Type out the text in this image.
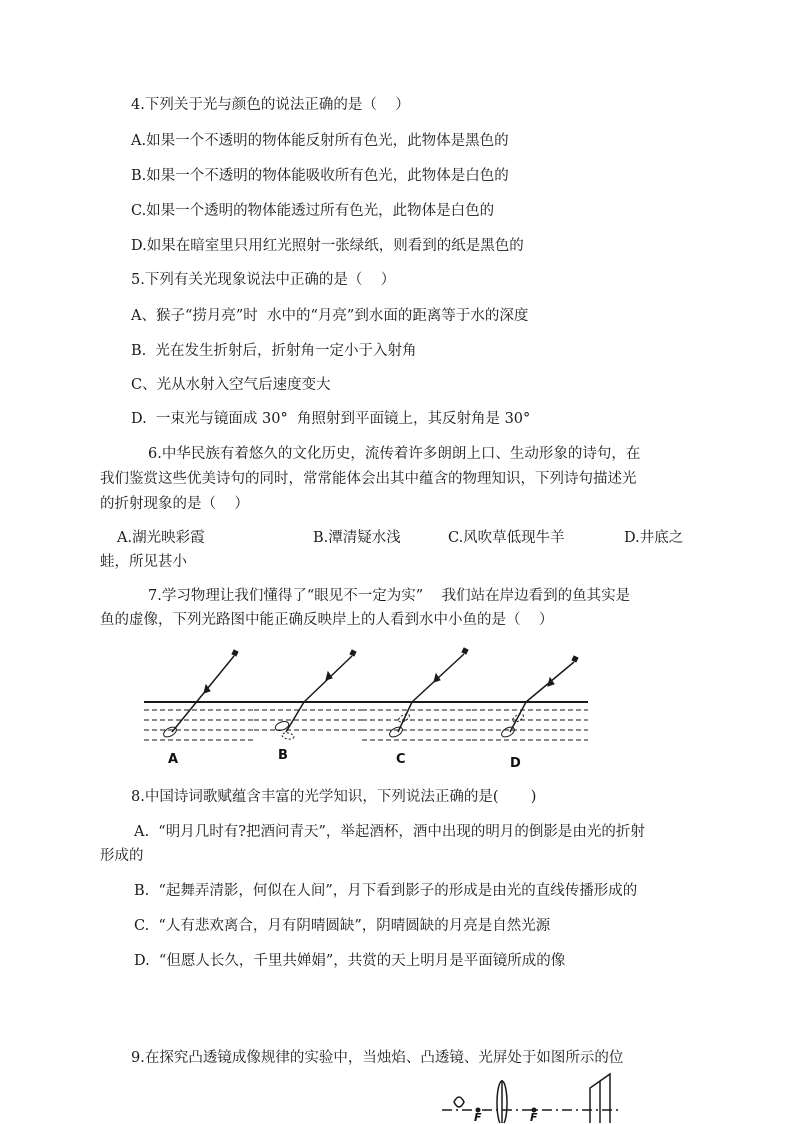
4.下列关于光与颜色的说法正确的是（    ）
A.如果一个不透明的物体能反射所有色光，此物体是黑色的
B.如果一个不透明的物体能吸收所有色光，此物体是白色的
C.如果一个透明的物体能透过所有色光，此物体是白色的
D.如果在暗室里只用红光照射一张绿纸，则看到的纸是黑色的
5.下列有关光现象说法中正确的是（    ）
A、猴子“捞月亮”时  水中的“月亮”到水面的距离等于水的深度
B.  光在发生折射后，折射角一定小于入射角
C、光从水射入空气后速度变大
D.  一束光与镜面成 30°  角照射到平面镜上，其反射角是 30°
6.中华民族有着悠久的文化历史，流传着许多朗朗上口、生动形象的诗句，在
我们鉴赏这些优美诗句的同时，常常能体会出其中蕴含的物理知识，下列诗句描述光
的折射现象的是（    ）
A.湖光映彩霞	B.潭清疑水浅	C.风吹草低现牛羊	D.井底之
蛙，所见甚小
7.学习物理让我们懂得了“眼见不一定为实”    我们站在岸边看到的鱼其实是
鱼的虚像，下列光路图中能正确反映岸上的人看到水中小鱼的是（    ）
A	B	C	D
8.中国诗词歌赋蕴含丰富的光学知识，下列说法正确的是(       )
A.  “明月几时有?把酒问青天”，举起酒杯，酒中出现的明月的倒影是由光的折射
形成的
B.  “起舞弄清影，何似在人间”，月下看到影子的形成是由光的直线传播形成的
C.  “人有悲欢离合，月有阴晴圆缺”，阴晴圆缺的月亮是自然光源
D.  “但愿人长久，千里共婵娟”，共赏的天上明月是平面镜所成的像
9.在探究凸透镜成像规律的实验中，当烛焰、凸透镜、光屏处于如图所示的位
F	F
